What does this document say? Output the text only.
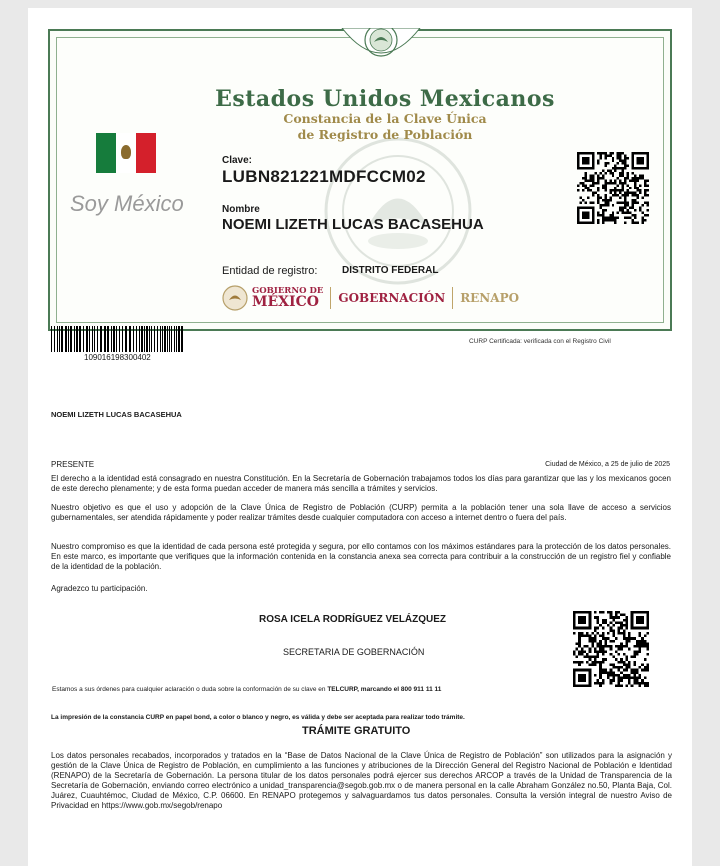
Estados Unidos Mexicanos
Constancia de la Clave Única
de Registro de Población
Soy México
Clave:
LUBN821221MDFCCM02
Nombre
NOEMI LIZETH LUCAS BACASEHUA
Entidad de registro: DISTRITO FEDERAL
GOBIERNO DE
MÉXICO	GOBERNACIÓN RENAPO
109016198300402
CURP Certificada: verificada con el Registro Civil
NOEMI LIZETH LUCAS BACASEHUA
PRESENTE	Ciudad de México, a 25 de julio de 2025
El derecho a la identidad está consagrado en nuestra Constitución. En la Secretaría de Gobernación trabajamos todos los días para garantizar que las y los mexicanos gocen de este derecho plenamente; y de esta forma puedan acceder de manera más sencilla a trámites y servicios.
Nuestro objetivo es que el uso y adopción de la Clave Única de Registro de Población (CURP) permita a la población tener una sola llave de acceso a servicios gubernamentales, ser atendida rápidamente y poder realizar trámites desde cualquier computadora con acceso a internet dentro o fuera del país.
Nuestro compromiso es que la identidad de cada persona esté protegida y segura, por ello contamos con los máximos estándares para la protección de los datos personales. En este marco, es importante que verifiques que la información contenida en la constancia anexa sea correcta para contribuir a la construcción de un registro fiel y confiable de la identidad de la población.
Agradezco tu participación.
ROSA ICELA RODRÍGUEZ VELÁZQUEZ
SECRETARIA DE GOBERNACIÓN
Estamos a sus órdenes para cualquier aclaración o duda sobre la conformación de su clave en TELCURP, marcando el 800 911 11 11
La impresión de la constancia CURP en papel bond, a color o blanco y negro, es válida y debe ser aceptada para realizar todo trámite.
TRÁMITE GRATUITO
Los datos personales recabados, incorporados y tratados en la “Base de Datos Nacional de la Clave Única de Registro de Población” son utilizados para la asignación y gestión de la Clave Única de Registro de Población, en cumplimiento a las funciones y atribuciones de la Dirección General del Registro Nacional de Población e Identidad (RENAPO) de la Secretaría de Gobernación. La persona titular de los datos personales podrá ejercer sus derechos ARCOP a través de la Unidad de Transparencia de la Secretaría de Gobernación, enviando correo electrónico a unidad_transparencia@segob.gob.mx o de manera personal en la calle Abraham González no.50, Planta Baja, Col. Juárez, Cuauhtémoc, Ciudad de México, C.P. 06600. En RENAPO protegemos y salvaguardamos tus datos personales. Consulta la versión integral de nuestro Aviso de Privacidad en https://www.gob.mx/segob/renapo
